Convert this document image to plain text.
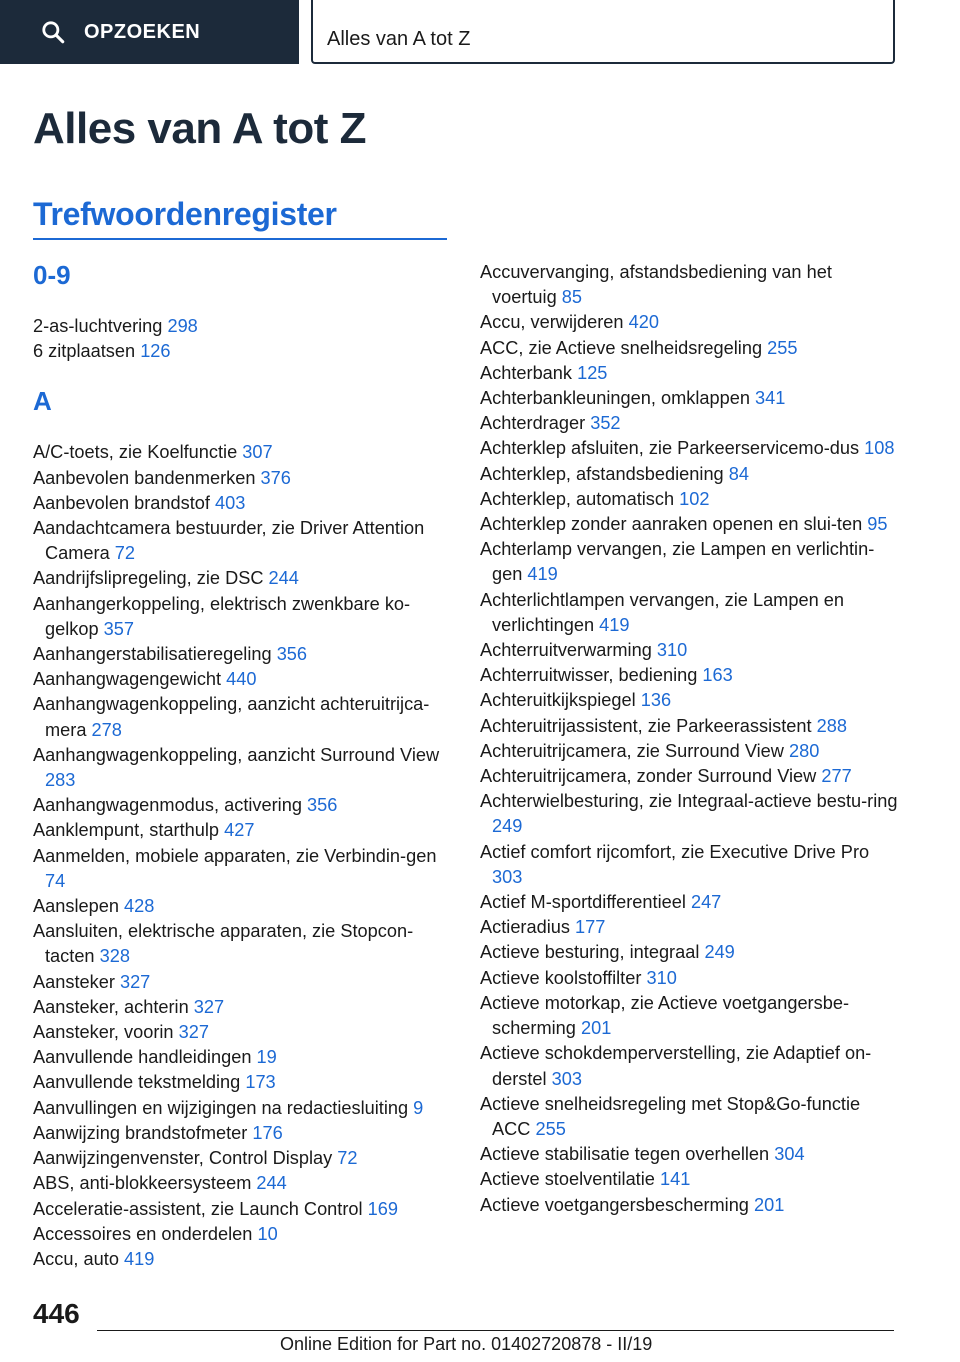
OPZOEKEN	Alles van A tot Z
Alles van A tot Z
Trefwoordenregister
0-9
2-as-luchtvering 298
6 zitplaatsen 126
A
A/C-toets, zie Koelfunctie 307
Aanbevolen bandenmerken 376
Aanbevolen brandstof 403
Aandachtcamera bestuurder, zie Driver Attention Camera 72
Aandrijfslipregeling, zie DSC 244
Aanhangerkoppeling, elektrisch zwenkbare ko-gelkop 357
Aanhangerstabilisatieregeling 356
Aanhangwagengewicht 440
Aanhangwagenkoppeling, aanzicht achteruitrijca-mera 278
Aanhangwagenkoppeling, aanzicht Surround View 283
Aanhangwagenmodus, activering 356
Aanklempunt, starthulp 427
Aanmelden, mobiele apparaten, zie Verbindin-gen 74
Aanslepen 428
Aansluiten, elektrische apparaten, zie Stopcon-tacten 328
Aansteker 327
Aansteker, achterin 327
Aansteker, voorin 327
Aanvullende handleidingen 19
Aanvullende tekstmelding 173
Aanvullingen en wijzigingen na redactiesluiting 9
Aanwijzing brandstofmeter 176
Aanwijzingenvenster, Control Display 72
ABS, anti-blokkeersysteem 244
Acceleratie-assistent, zie Launch Control 169
Accessoires en onderdelen 10
Accu, auto 419
Accuvervanging, afstandsbediening van het voertuig 85
Accu, verwijderen 420
ACC, zie Actieve snelheidsregeling 255
Achterbank 125
Achterbankleuningen, omklappen 341
Achterdrager 352
Achterklep afsluiten, zie Parkeerservicemo-dus 108
Achterklep, afstandsbediening 84
Achterklep, automatisch 102
Achterklep zonder aanraken openen en slui-ten 95
Achterlamp vervangen, zie Lampen en verlichtin-gen 419
Achterlichtlampen vervangen, zie Lampen en verlichtingen 419
Achterruitverwarming 310
Achterruitwisser, bediening 163
Achteruitkijkspiegel 136
Achteruitrijassistent, zie Parkeerassistent 288
Achteruitrijcamera, zie Surround View 280
Achteruitrijcamera, zonder Surround View 277
Achterwielbesturing, zie Integraal-actieve bestu-ring 249
Actief comfort rijcomfort, zie Executive Drive Pro 303
Actief M-sportdifferentieel 247
Actieradius 177
Actieve besturing, integraal 249
Actieve koolstoffilter 310
Actieve motorkap, zie Actieve voetgangersbe-scherming 201
Actieve schokdemperverstelling, zie Adaptief on-derstel 303
Actieve snelheidsregeling met Stop&Go-functie ACC 255
Actieve stabilisatie tegen overhellen 304
Actieve stoelventilatie 141
Actieve voetgangersbescherming 201

446

Online Edition for Part no. 01402720878 - II/19
